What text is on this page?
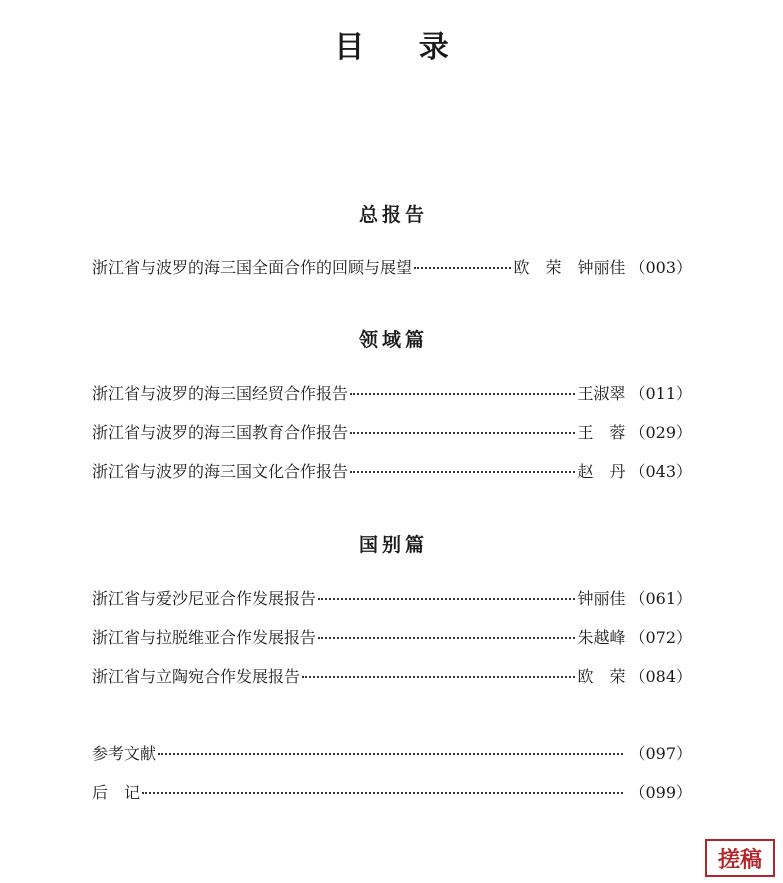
目 录
总报告
浙江省与波罗的海三国全面合作的回顾与展望	欧　荣　钟丽佳 （003）
领域篇
浙江省与波罗的海三国经贸合作报告	王淑翠 （011）
浙江省与波罗的海三国教育合作报告	王　蓉 （029）
浙江省与波罗的海三国文化合作报告	赵　丹 （043）
国别篇
浙江省与爱沙尼亚合作发展报告	钟丽佳 （061）
浙江省与拉脱维亚合作发展报告	朱越峰 （072）
浙江省与立陶宛合作发展报告	欧　荣 （084）
参考文献	（097）
后　记	（099）
搓稿
